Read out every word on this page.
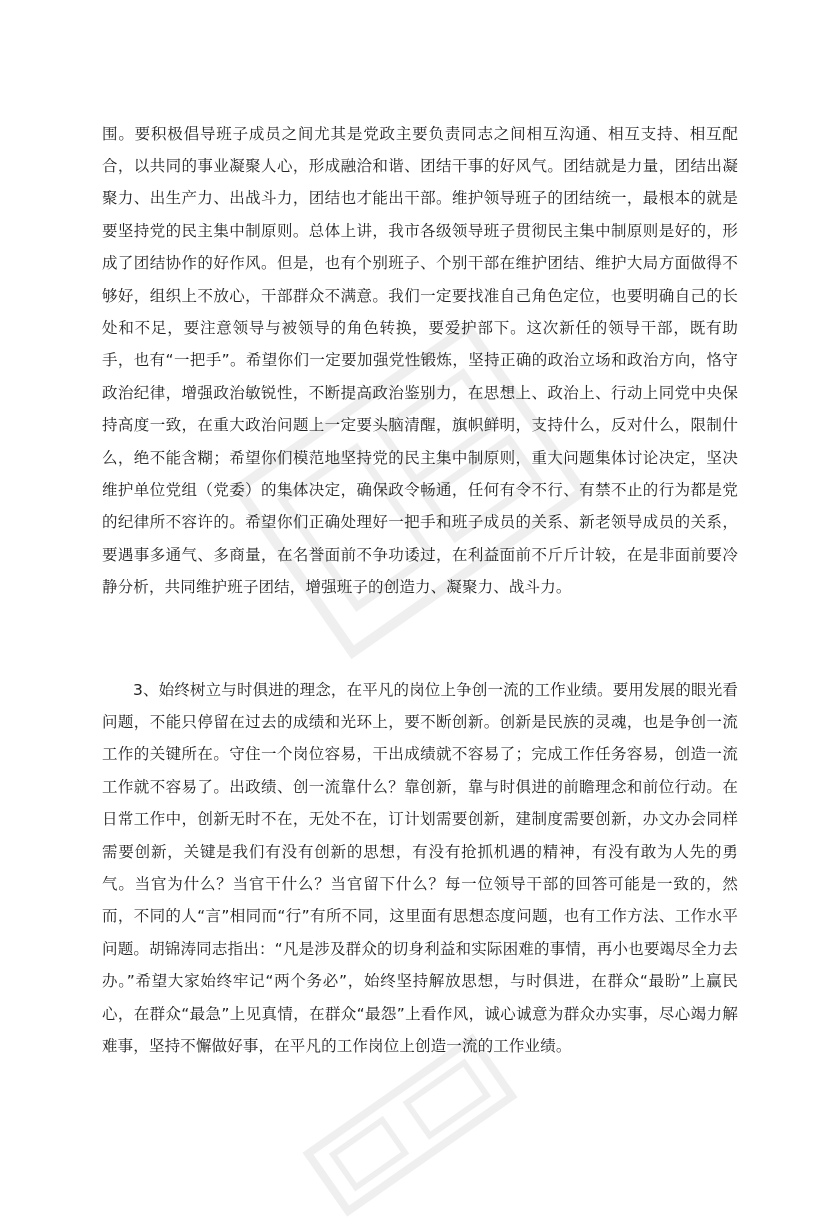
围。要积极倡导班子成员之间尤其是党政主要负责同志之间相互沟通、相互支持、相互配合，以共同的事业凝聚人心，形成融洽和谐、团结干事的好风气。团结就是力量，团结出凝聚力、出生产力、出战斗力，团结也才能出干部。维护领导班子的团结统一，最根本的就是要坚持党的民主集中制原则。总体上讲，我市各级领导班子贯彻民主集中制原则是好的，形成了团结协作的好作风。但是，也有个别班子、个别干部在维护团结、维护大局方面做得不够好，组织上不放心，干部群众不满意。我们一定要找准自己角色定位，也要明确自己的长处和不足，要注意领导与被领导的角色转换，要爱护部下。这次新任的领导干部，既有助手，也有“一把手”。希望你们一定要加强党性锻炼，坚持正确的政治立场和政治方向，恪守政治纪律，增强政治敏锐性，不断提高政治鉴别力，在思想上、政治上、行动上同党中央保持高度一致，在重大政治问题上一定要头脑清醒，旗帜鲜明，支持什么，反对什么，限制什么，绝不能含糊；希望你们模范地坚持党的民主集中制原则，重大问题集体讨论决定，坚决维护单位党组（党委）的集体决定，确保政令畅通，任何有令不行、有禁不止的行为都是党的纪律所不容许的。希望你们正确处理好一把手和班子成员的关系、新老领导成员的关系，要遇事多通气、多商量，在名誉面前不争功诿过，在利益面前不斤斤计较，在是非面前要冷静分析，共同维护班子团结，增强班子的创造力、凝聚力、战斗力。

3、始终树立与时俱进的理念，在平凡的岗位上争创一流的工作业绩。要用发展的眼光看问题，不能只停留在过去的成绩和光环上，要不断创新。创新是民族的灵魂，也是争创一流工作的关键所在。守住一个岗位容易，干出成绩就不容易了；完成工作任务容易，创造一流工作就不容易了。出政绩、创一流靠什么？靠创新，靠与时俱进的前瞻理念和前位行动。在日常工作中，创新无时不在，无处不在，订计划需要创新，建制度需要创新，办文办会同样需要创新，关键是我们有没有创新的思想，有没有抢抓机遇的精神，有没有敢为人先的勇气。当官为什么？当官干什么？当官留下什么？每一位领导干部的回答可能是一致的，然而，不同的人“言”相同而“行”有所不同，这里面有思想态度问题，也有工作方法、工作水平问题。胡锦涛同志指出：“凡是涉及群众的切身利益和实际困难的事情，再小也要竭尽全力去办。”希望大家始终牢记“两个务必”，始终坚持解放思想，与时俱进，在群众“最盼”上赢民心，在群众“最急”上见真情，在群众“最怨”上看作风，诚心诚意为群众办实事，尽心竭力解难事，坚持不懈做好事，在平凡的工作岗位上创造一流的工作业绩。
